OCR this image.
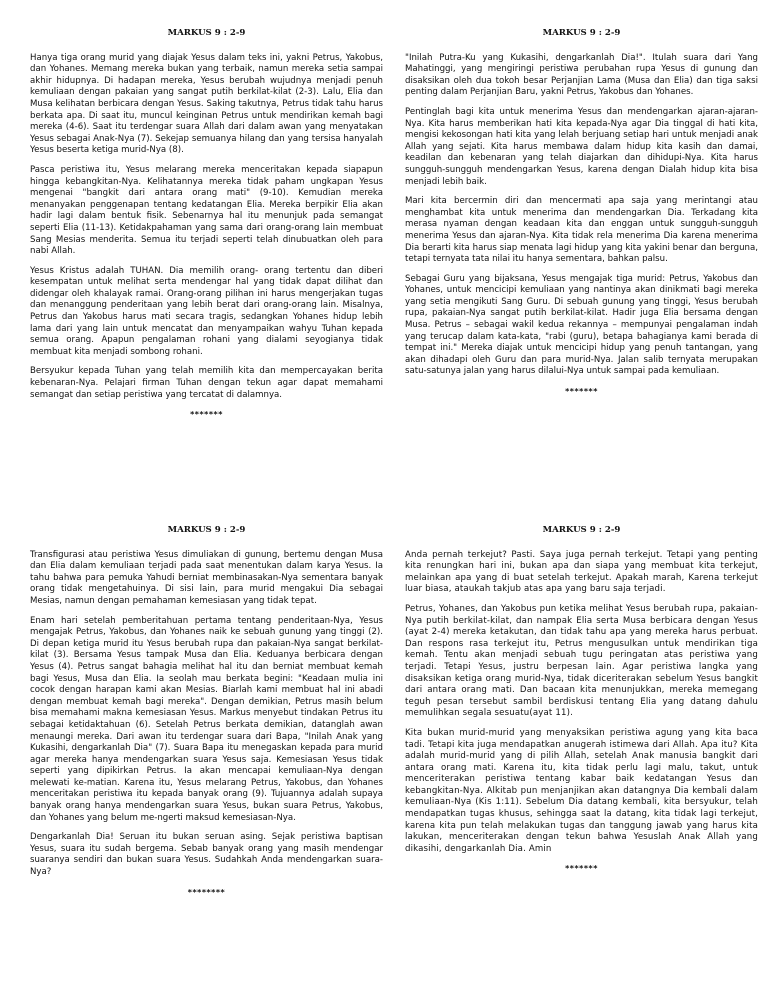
MARKUS 9 : 2-9

Hanya tiga orang murid yang diajak Yesus dalam teks ini, yakni Petrus, Yakobus, dan Yohanes. Memang mereka bukan yang terbaik, namun mereka setia sampai akhir hidupnya. Di hadapan mereka, Yesus berubah wujudnya menjadi penuh kemuliaan dengan pakaian yang sangat putih berkilat-kilat (2-3). Lalu, Elia dan Musa kelihatan berbicara dengan Yesus. Saking takutnya, Petrus tidak tahu harus berkata apa. Di saat itu, muncul keinginan Petrus untuk mendirikan kemah bagi mereka (4-6). Saat itu terdengar suara Allah dari dalam awan yang menyatakan Yesus sebagai Anak-Nya (7). Sekejap semuanya hilang dan yang tersisa hanyalah Yesus beserta ketiga murid-Nya (8).

Pasca peristiwa itu, Yesus melarang mereka menceritakan kepada siapapun hingga kebangkitan-Nya. Kelihatannya mereka tidak paham ungkapan Yesus mengenai "bangkit dari antara orang mati" (9-10). Kemudian mereka menanyakan penggenapan tentang kedatangan Elia. Mereka berpikir Elia akan hadir lagi dalam bentuk fisik. Sebenarnya hal itu menunjuk pada semangat seperti Elia (11-13). Ketidakpahaman yang sama dari orang-orang lain membuat Sang Mesias menderita. Semua itu terjadi seperti telah dinubuatkan oleh para nabi Allah.

Yesus Kristus adalah TUHAN. Dia memilih orang- orang tertentu dan diberi kesempatan untuk melihat serta mendengar hal yang tidak dapat dilihat dan didengar oleh khalayak ramai. Orang-orang pilihan ini harus mengerjakan tugas dan menanggung penderitaan yang lebih berat dari orang-orang lain. Misalnya, Petrus dan Yakobus harus mati secara tragis, sedangkan Yohanes hidup lebih lama dari yang lain untuk mencatat dan menyampaikan wahyu Tuhan kepada semua orang. Apapun pengalaman rohani yang dialami seyogianya tidak membuat kita menjadi sombong rohani.

Bersyukur kepada Tuhan yang telah memilih kita dan mempercayakan berita kebenaran-Nya. Pelajari firman Tuhan dengan tekun agar dapat memahami semangat dan setiap peristiwa yang tercatat di dalamnya.

*******
MARKUS 9 : 2-9

"Inilah Putra-Ku yang Kukasihi, dengarkanlah Dia!". Itulah suara dari Yang Mahatinggi, yang mengiringi peristiwa perubahan rupa Yesus di gunung dan disaksikan oleh dua tokoh besar Perjanjian Lama (Musa dan Elia) dan tiga saksi penting dalam Perjanjian Baru, yakni Petrus, Yakobus dan Yohanes.

Pentinglah bagi kita untuk menerima Yesus dan mendengarkan ajaran-ajaran-Nya. Kita harus memberikan hati kita kepada-Nya agar Dia tinggal di hati kita, mengisi kekosongan hati kita yang lelah berjuang setiap hari untuk menjadi anak Allah yang sejati. Kita harus membawa dalam hidup kita kasih dan damai, keadilan dan kebenaran yang telah diajarkan dan dihidupi-Nya. Kita harus sungguh-sungguh mendengarkan Yesus, karena dengan Dialah hidup kita bisa menjadi lebih baik.

Mari kita bercermin diri dan mencermati apa saja yang merintangi atau menghambat kita untuk menerima dan mendengarkan Dia. Terkadang kita merasa nyaman dengan keadaan kita dan enggan untuk sungguh-sungguh menerima Yesus dan ajaran-Nya. Kita tidak rela menerima Dia karena menerima Dia berarti kita harus siap menata lagi hidup yang kita yakini benar dan berguna, tetapi ternyata tata nilai itu hanya sementara, bahkan palsu.

Sebagai Guru yang bijaksana, Yesus mengajak tiga murid: Petrus, Yakobus dan Yohanes, untuk mencicipi kemuliaan yang nantinya akan dinikmati bagi mereka yang setia mengikuti Sang Guru. Di sebuah gunung yang tinggi, Yesus berubah rupa, pakaian-Nya sangat putih berkilat-kilat. Hadir juga Elia bersama dengan Musa. Petrus – sebagai wakil kedua rekannya – mempunyai pengalaman indah yang terucap dalam kata-kata, "rabi (guru), betapa bahagianya kami berada di tempat ini." Mereka diajak untuk mencicipi hidup yang penuh tantangan, yang akan dihadapi oleh Guru dan para murid-Nya. Jalan salib ternyata merupakan satu-satunya jalan yang harus dilalui-Nya untuk sampai pada kemuliaan.

*******
MARKUS 9 : 2-9

Transfigurasi atau peristiwa Yesus dimuliakan di gunung, bertemu dengan Musa dan Elia dalam kemuliaan terjadi pada saat menentukan dalam karya Yesus. Ia tahu bahwa para pemuka Yahudi berniat membinasakan-Nya sementara banyak orang tidak mengetahuinya. Di sisi lain, para murid mengakui Dia sebagai Mesias, namun dengan pemahaman kemesiasan yang tidak tepat.

Enam hari setelah pemberitahuan pertama tentang penderitaan-Nya, Yesus mengajak Petrus, Yakobus, dan Yohanes naik ke sebuah gunung yang tinggi (2). Di depan ketiga murid itu Yesus berubah rupa dan pakaian-Nya sangat berkilat-kilat (3). Bersama Yesus tampak Musa dan Elia. Keduanya berbicara dengan Yesus (4). Petrus sangat bahagia melihat hal itu dan berniat membuat kemah bagi Yesus, Musa dan Elia. Ia seolah mau berkata begini: "Keadaan mulia ini cocok dengan harapan kami akan Mesias. Biarlah kami membuat hal ini abadi dengan membuat kemah bagi mereka". Dengan demikian, Petrus masih belum bisa memahami makna kemesiasan Yesus. Markus menyebut tindakan Petrus itu sebagai ketidaktahuan (6). Setelah Petrus berkata demikian, datanglah awan menaungi mereka. Dari awan itu terdengar suara dari Bapa, "Inilah Anak yang Kukasihi, dengarkanlah Dia" (7). Suara Bapa itu menegaskan kepada para murid agar mereka hanya mendengarkan suara Yesus saja. Kemesiasan Yesus tidak seperti yang dipikirkan Petrus. Ia akan mencapai kemuliaan-Nya dengan melewati ke-matian. Karena itu, Yesus melarang Petrus, Yakobus, dan Yohanes menceritakan peristiwa itu kepada banyak orang (9). Tujuannya adalah supaya banyak orang hanya mendengarkan suara Yesus, bukan suara Petrus, Yakobus, dan Yohanes yang belum me-ngerti maksud kemesiasan-Nya.

Dengarkanlah Dia! Seruan itu bukan seruan asing. Sejak peristiwa baptisan Yesus, suara itu sudah bergema. Sebab banyak orang yang masih mendengar suaranya sendiri dan bukan suara Yesus. Sudahkah Anda mendengarkan suara-Nya?

********
MARKUS 9 : 2-9

Anda pernah terkejut? Pasti. Saya juga pernah terkejut. Tetapi yang penting kita renungkan hari ini, bukan apa dan siapa yang membuat kita terkejut, melainkan apa yang di buat setelah terkejut. Apakah marah, Karena terkejut luar biasa, ataukah takjub atas apa yang baru saja terjadi.

Petrus, Yohanes, dan Yakobus pun ketika melihat Yesus berubah rupa, pakaian-Nya putih berkilat-kilat, dan nampak Elia serta Musa berbicara dengan Yesus (ayat 2-4) mereka ketakutan, dan tidak tahu apa yang mereka harus perbuat. Dan respons rasa terkejut itu, Petrus mengusulkan untuk mendirikan tiga kemah. Tentu akan menjadi sebuah tugu peringatan atas peristiwa yang terjadi. Tetapi Yesus, justru berpesan lain. Agar peristiwa langka yang disaksikan ketiga orang murid-Nya, tidak diceriterakan sebelum Yesus bangkit dari antara orang mati. Dan bacaan kita menunjukkan, mereka memegang teguh pesan tersebut sambil berdiskusi tentang Elia yang datang dahulu memulihkan segala sesuatu(ayat 11).

Kita bukan murid-murid yang menyaksikan peristiwa agung yang kita baca tadi. Tetapi kita juga mendapatkan anugerah istimewa dari Allah. Apa itu? Kita adalah murid-murid yang di pilih Allah, setelah Anak manusia bangkit dari antara orang mati. Karena itu, kita tidak perlu lagi malu, takut, untuk menceriterakan peristiwa tentang kabar baik kedatangan Yesus dan kebangkitan-Nya. Alkitab pun menjanjikan akan datangnya Dia kembali dalam kemuliaan-Nya (Kis 1:11). Sebelum Dia datang kembali, kita bersyukur, telah mendapatkan tugas khusus, sehingga saat la datang, kita tidak lagi terkejut, karena kita pun telah melakukan tugas dan tanggung jawab yang harus kita lakukan, menceriterakan dengan tekun bahwa Yesuslah Anak Allah yang dikasihi, dengarkanlah Dia. Amin

*******
